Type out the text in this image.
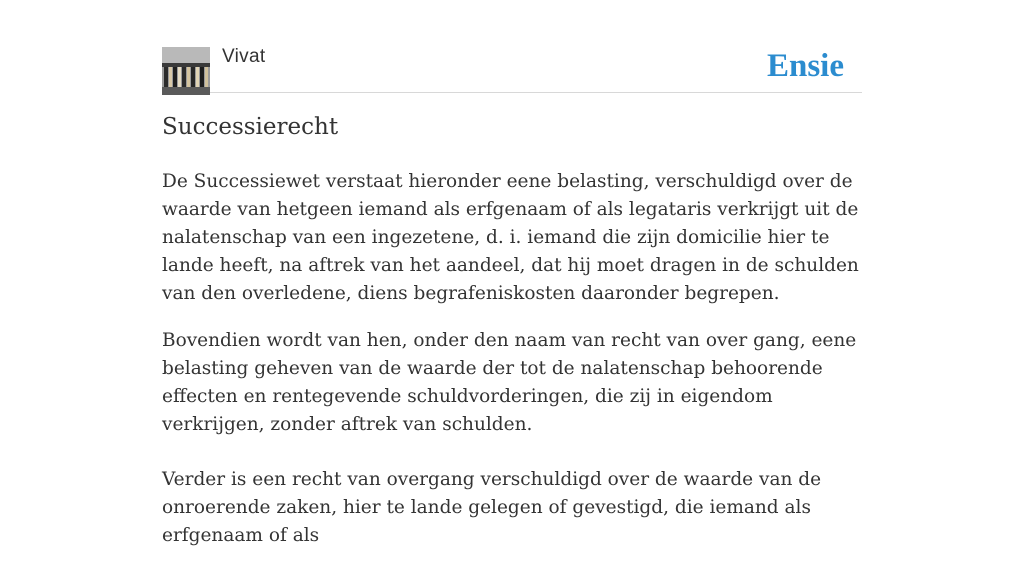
Vivat	Ensie
Successierecht

De Successiewet verstaat hieronder eene belasting, verschuldigd over de waarde van hetgeen iemand als erfgenaam of als legataris verkrijgt uit de nalatenschap van een ingezetene, d. i. iemand die zijn domicilie hier te lande heeft, na aftrek van het aandeel, dat hij moet dragen in de schulden van den overledene, diens begrafeniskosten daaronder begrepen.

Bovendien wordt van hen, onder den naam van recht van over gang, eene belasting geheven van de waarde der tot de nalatenschap behoorende effecten en rentegevende schuldvorderingen, die zij in eigendom verkrijgen, zonder aftrek van schulden.

Verder is een recht van overgang verschuldigd over de waarde van de onroerende zaken, hier te lande gelegen of gevestigd, die iemand als erfgenaam of als
